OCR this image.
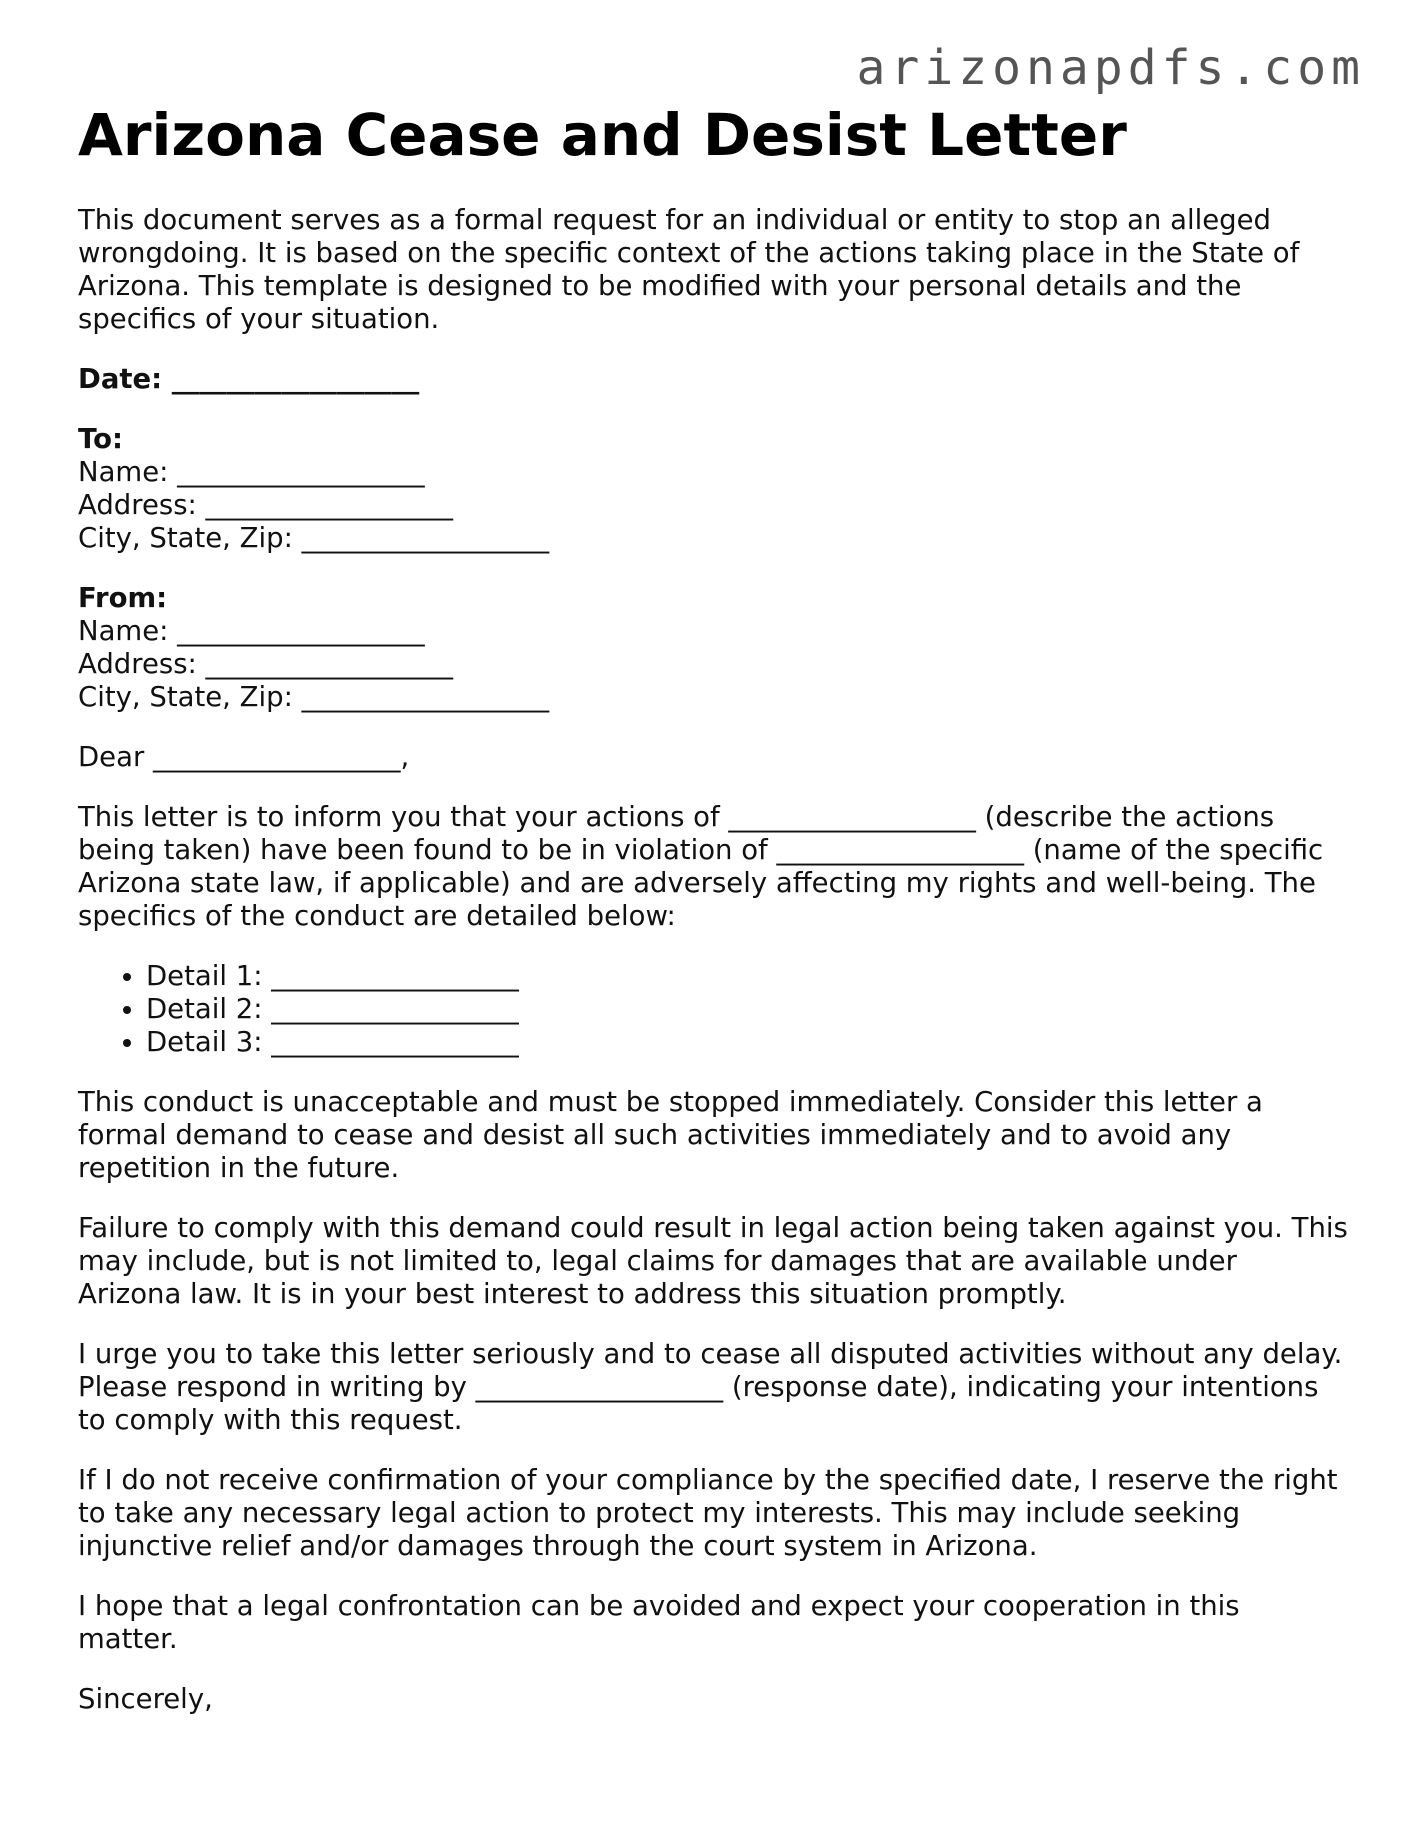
arizonapdfs.com
Arizona Cease and Desist Letter

This document serves as a formal request for an individual or entity to stop an alleged wrongdoing. It is based on the specific context of the actions taking place in the State of Arizona. This template is designed to be modified with your personal details and the specifics of your situation.

Date: __________________

To:

Name: __________________

Address: __________________

City, State, Zip: __________________

From:

Name: __________________

Address: __________________

City, State, Zip: __________________

Dear __________________,

This letter is to inform you that your actions of __________________ (describe the actions being taken) have been found to be in violation of __________________ (name of the specific Arizona state law, if applicable) and are adversely affecting my rights and well-being. The specifics of the conduct are detailed below:

• Detail 1: __________________
• Detail 2: __________________
• Detail 3: __________________

This conduct is unacceptable and must be stopped immediately. Consider this letter a formal demand to cease and desist all such activities immediately and to avoid any repetition in the future.

Failure to comply with this demand could result in legal action being taken against you. This may include, but is not limited to, legal claims for damages that are available under Arizona law. It is in your best interest to address this situation promptly.

I urge you to take this letter seriously and to cease all disputed activities without any delay. Please respond in writing by __________________ (response date), indicating your intentions to comply with this request.

If I do not receive confirmation of your compliance by the specified date, I reserve the right to take any necessary legal action to protect my interests. This may include seeking injunctive relief and/or damages through the court system in Arizona.

I hope that a legal confrontation can be avoided and expect your cooperation in this matter.

Sincerely,
